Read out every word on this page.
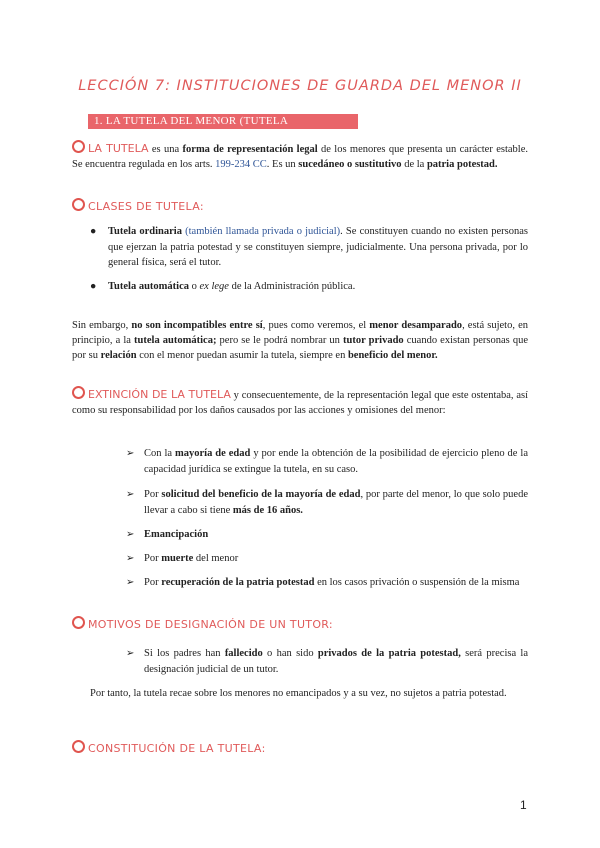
LECCIÓN 7: INSTITUCIONES DE GUARDA DEL MENOR II
1. LA TUTELA DEL MENOR (TUTELA ORDINARIA)
LA TUTELA es una forma de representación legal de los menores que presenta un carácter estable. Se encuentra regulada en los arts. 199-234 CC. Es un sucedáneo o sustitutivo de la patria potestad.
CLASES DE TUTELA:
● Tutela ordinaria (también llamada privada o judicial). Se constituyen cuando no existen personas que ejerzan la patria potestad y se constituyen siempre, judicialmente. Una persona privada, por lo general física, será el tutor.
● Tutela automática o ex lege de la Administración pública.
Sin embargo, no son incompatibles entre sí, pues como veremos, el menor desamparado, está sujeto, en principio, a la tutela automática; pero se le podrá nombrar un tutor privado cuando existan personas que por su relación con el menor puedan asumir la tutela, siempre en beneficio del menor.
EXTINCIÓN DE LA TUTELA y consecuentemente, de la representación legal que este ostentaba, así como su responsabilidad por los daños causados por las acciones y omisiones del menor:
➢ Con la mayoría de edad y por ende la obtención de la posibilidad de ejercicio pleno de la capacidad jurídica se extingue la tutela, en su caso.
➢ Por solicitud del beneficio de la mayoría de edad, por parte del menor, lo que solo puede llevar a cabo si tiene más de 16 años.
➢ Emancipación
➢ Por muerte del menor
➢ Por recuperación de la patria potestad en los casos privación o suspensión de la misma
MOTIVOS DE DESIGNACIÓN DE UN TUTOR:
➢ Si los padres han fallecido o han sido privados de la patria potestad, será precisa la designación judicial de un tutor.
Por tanto, la tutela recae sobre los menores no emancipados y a su vez, no sujetos a patria potestad.
CONSTITUCIÓN DE LA TUTELA:
1
